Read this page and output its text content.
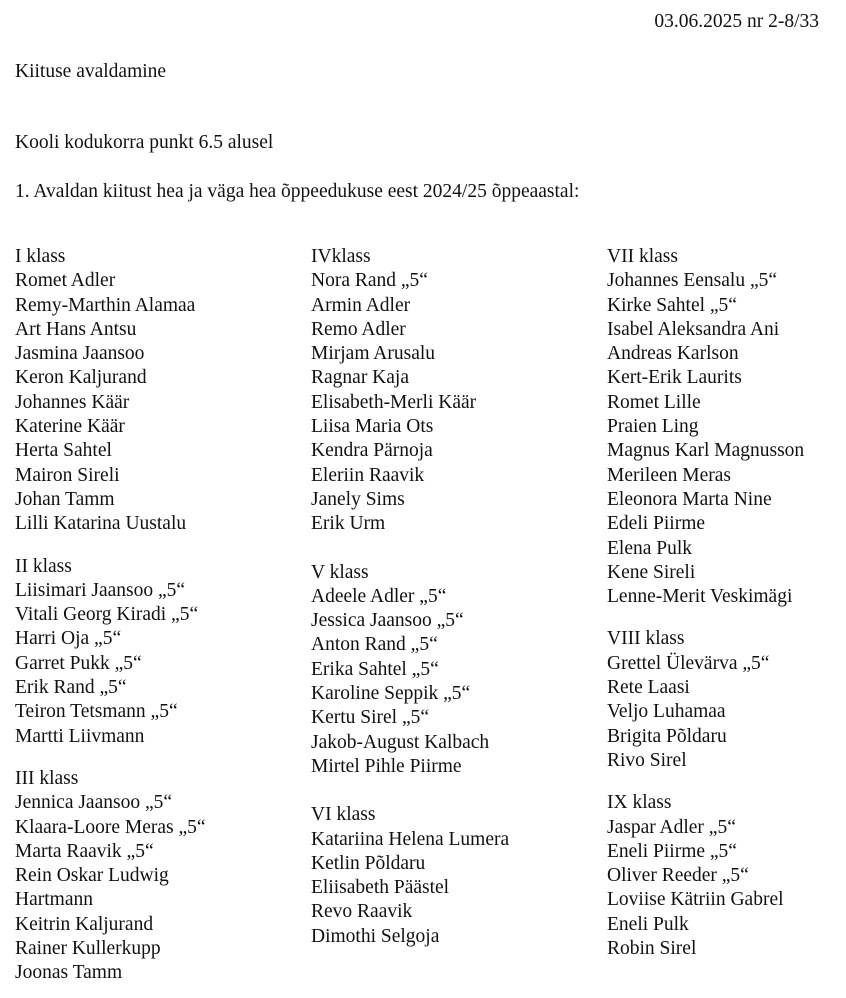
03.06.2025 nr 2-8/33
Kiituse avaldamine
Kooli kodukorra punkt 6.5 alusel
1. Avaldan kiitust hea ja väga hea õppeedukuse eest 2024/25 õppeaastal:
I klass
Romet Adler
Remy-Marthin Alamaa
Art Hans Antsu
Jasmina Jaansoo
Keron Kaljurand
Johannes Käär
Katerine Käär
Herta Sahtel
Mairon Sireli
Johan Tamm
Lilli Katarina Uustalu
II klass
Liisimari Jaansoo „5“
Vitali Georg Kiradi „5“
Harri Oja „5“
Garret Pukk „5“
Erik Rand „5“
Teiron Tetsmann „5“
Martti Liivmann
III klass
Jennica Jaansoo „5“
Klaara-Loore Meras „5“
Marta Raavik „5“
Rein Oskar Ludwig
Hartmann
Keitrin Kaljurand
Rainer Kullerkupp
Joonas Tamm
IVklass
Nora Rand „5“
Armin Adler
Remo Adler
Mirjam Arusalu
Ragnar Kaja
Elisabeth-Merli Käär
Liisa Maria Ots
Kendra Pärnoja
Eleriin Raavik
Janely Sims
Erik Urm
V klass
Adeele Adler „5“
Jessica Jaansoo „5“
Anton Rand „5“
Erika Sahtel „5“
Karoline Seppik „5“
Kertu Sirel „5“
Jakob-August Kalbach
Mirtel Pihle Piirme
VI klass
Katariina Helena Lumera
Ketlin Põldaru
Eliisabeth Päästel
Revo Raavik
Dimothi Selgoja
VII klass
Johannes Eensalu „5“
Kirke Sahtel „5“
Isabel Aleksandra Ani
Andreas Karlson
Kert-Erik Laurits
Romet Lille
Praien Ling
Magnus Karl Magnusson
Merileen Meras
Eleonora Marta Nine
Edeli Piirme
Elena Pulk
Kene Sireli
Lenne-Merit Veskimägi
VIII klass
Grettel Ülevärva „5“
Rete Laasi
Veljo Luhamaa
Brigita Põldaru
Rivo Sirel
IX klass
Jaspar Adler „5“
Eneli Piirme „5“
Oliver Reeder „5“
Loviise Kätriin Gabrel
Eneli Pulk
Robin Sirel
